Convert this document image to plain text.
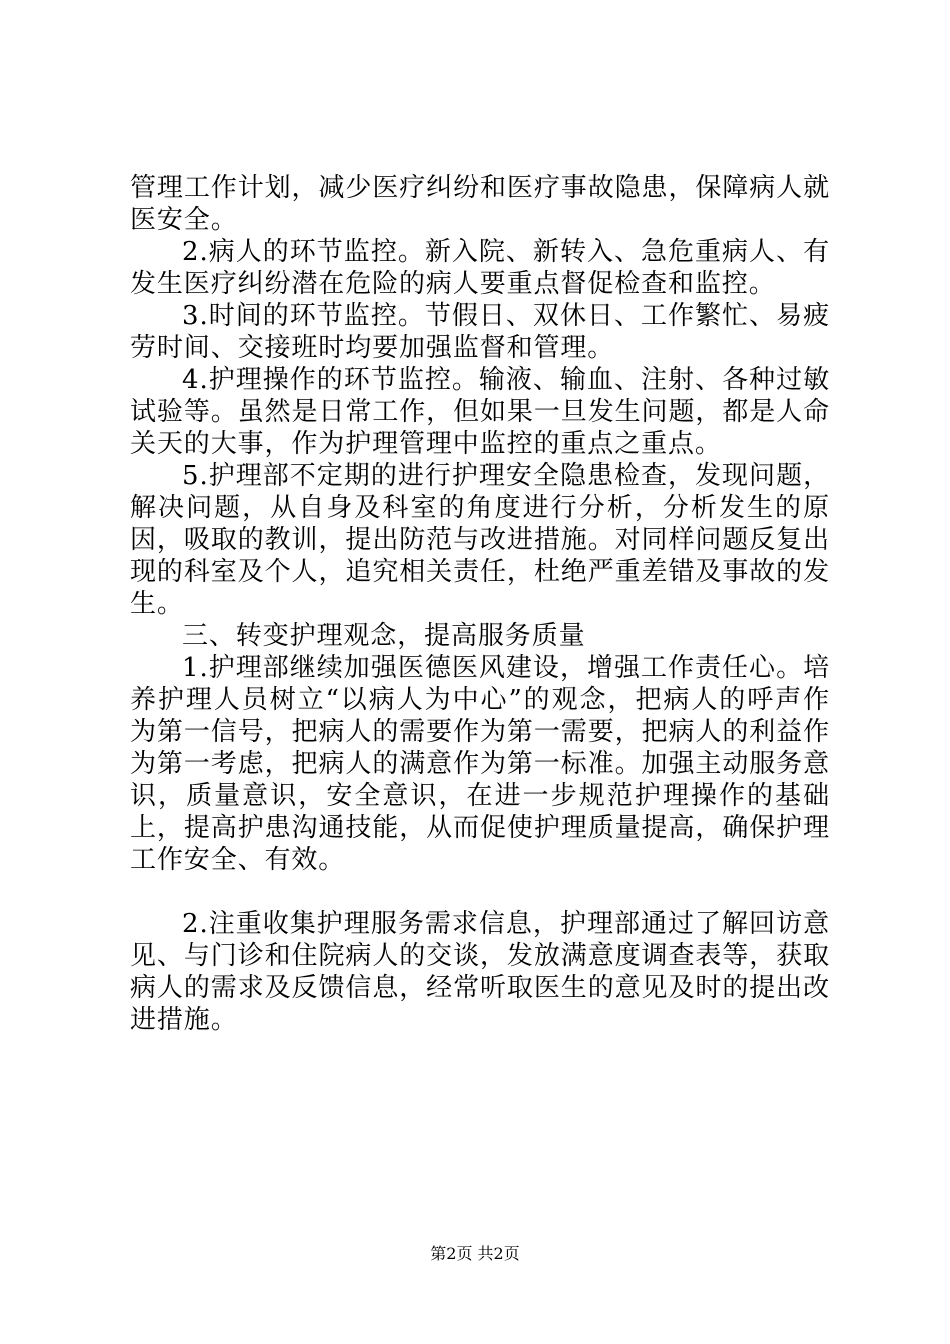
管理工作计划，减少医疗纠纷和医疗事故隐患，保障病人就医安全。

2.病人的环节监控。新入院、新转入、急危重病人、有发生医疗纠纷潜在危险的病人要重点督促检查和监控。

3.时间的环节监控。节假日、双休日、工作繁忙、易疲劳时间、交接班时均要加强监督和管理。

4.护理操作的环节监控。输液、输血、注射、各种过敏试验等。虽然是日常工作，但如果一旦发生问题，都是人命关天的大事，作为护理管理中监控的重点之重点。

5.护理部不定期的进行护理安全隐患检查，发现问题，解决问题，从自身及科室的角度进行分析，分析发生的原因，吸取的教训，提出防范与改进措施。对同样问题反复出现的科室及个人，追究相关责任，杜绝严重差错及事故的发生。

三、转变护理观念，提高服务质量

1.护理部继续加强医德医风建设，增强工作责任心。培养护理人员树立“以病人为中心”的观念，把病人的呼声作为第一信号，把病人的需要作为第一需要，把病人的利益作为第一考虑，把病人的满意作为第一标准。加强主动服务意识，质量意识，安全意识，在进一步规范护理操作的基础上，提高护患沟通技能，从而促使护理质量提高，确保护理工作安全、有效。

2.注重收集护理服务需求信息，护理部通过了解回访意见、与门诊和住院病人的交谈，发放满意度调查表等，获取病人的需求及反馈信息，经常听取医生的意见及时的提出改进措施。

第2页 共2页
